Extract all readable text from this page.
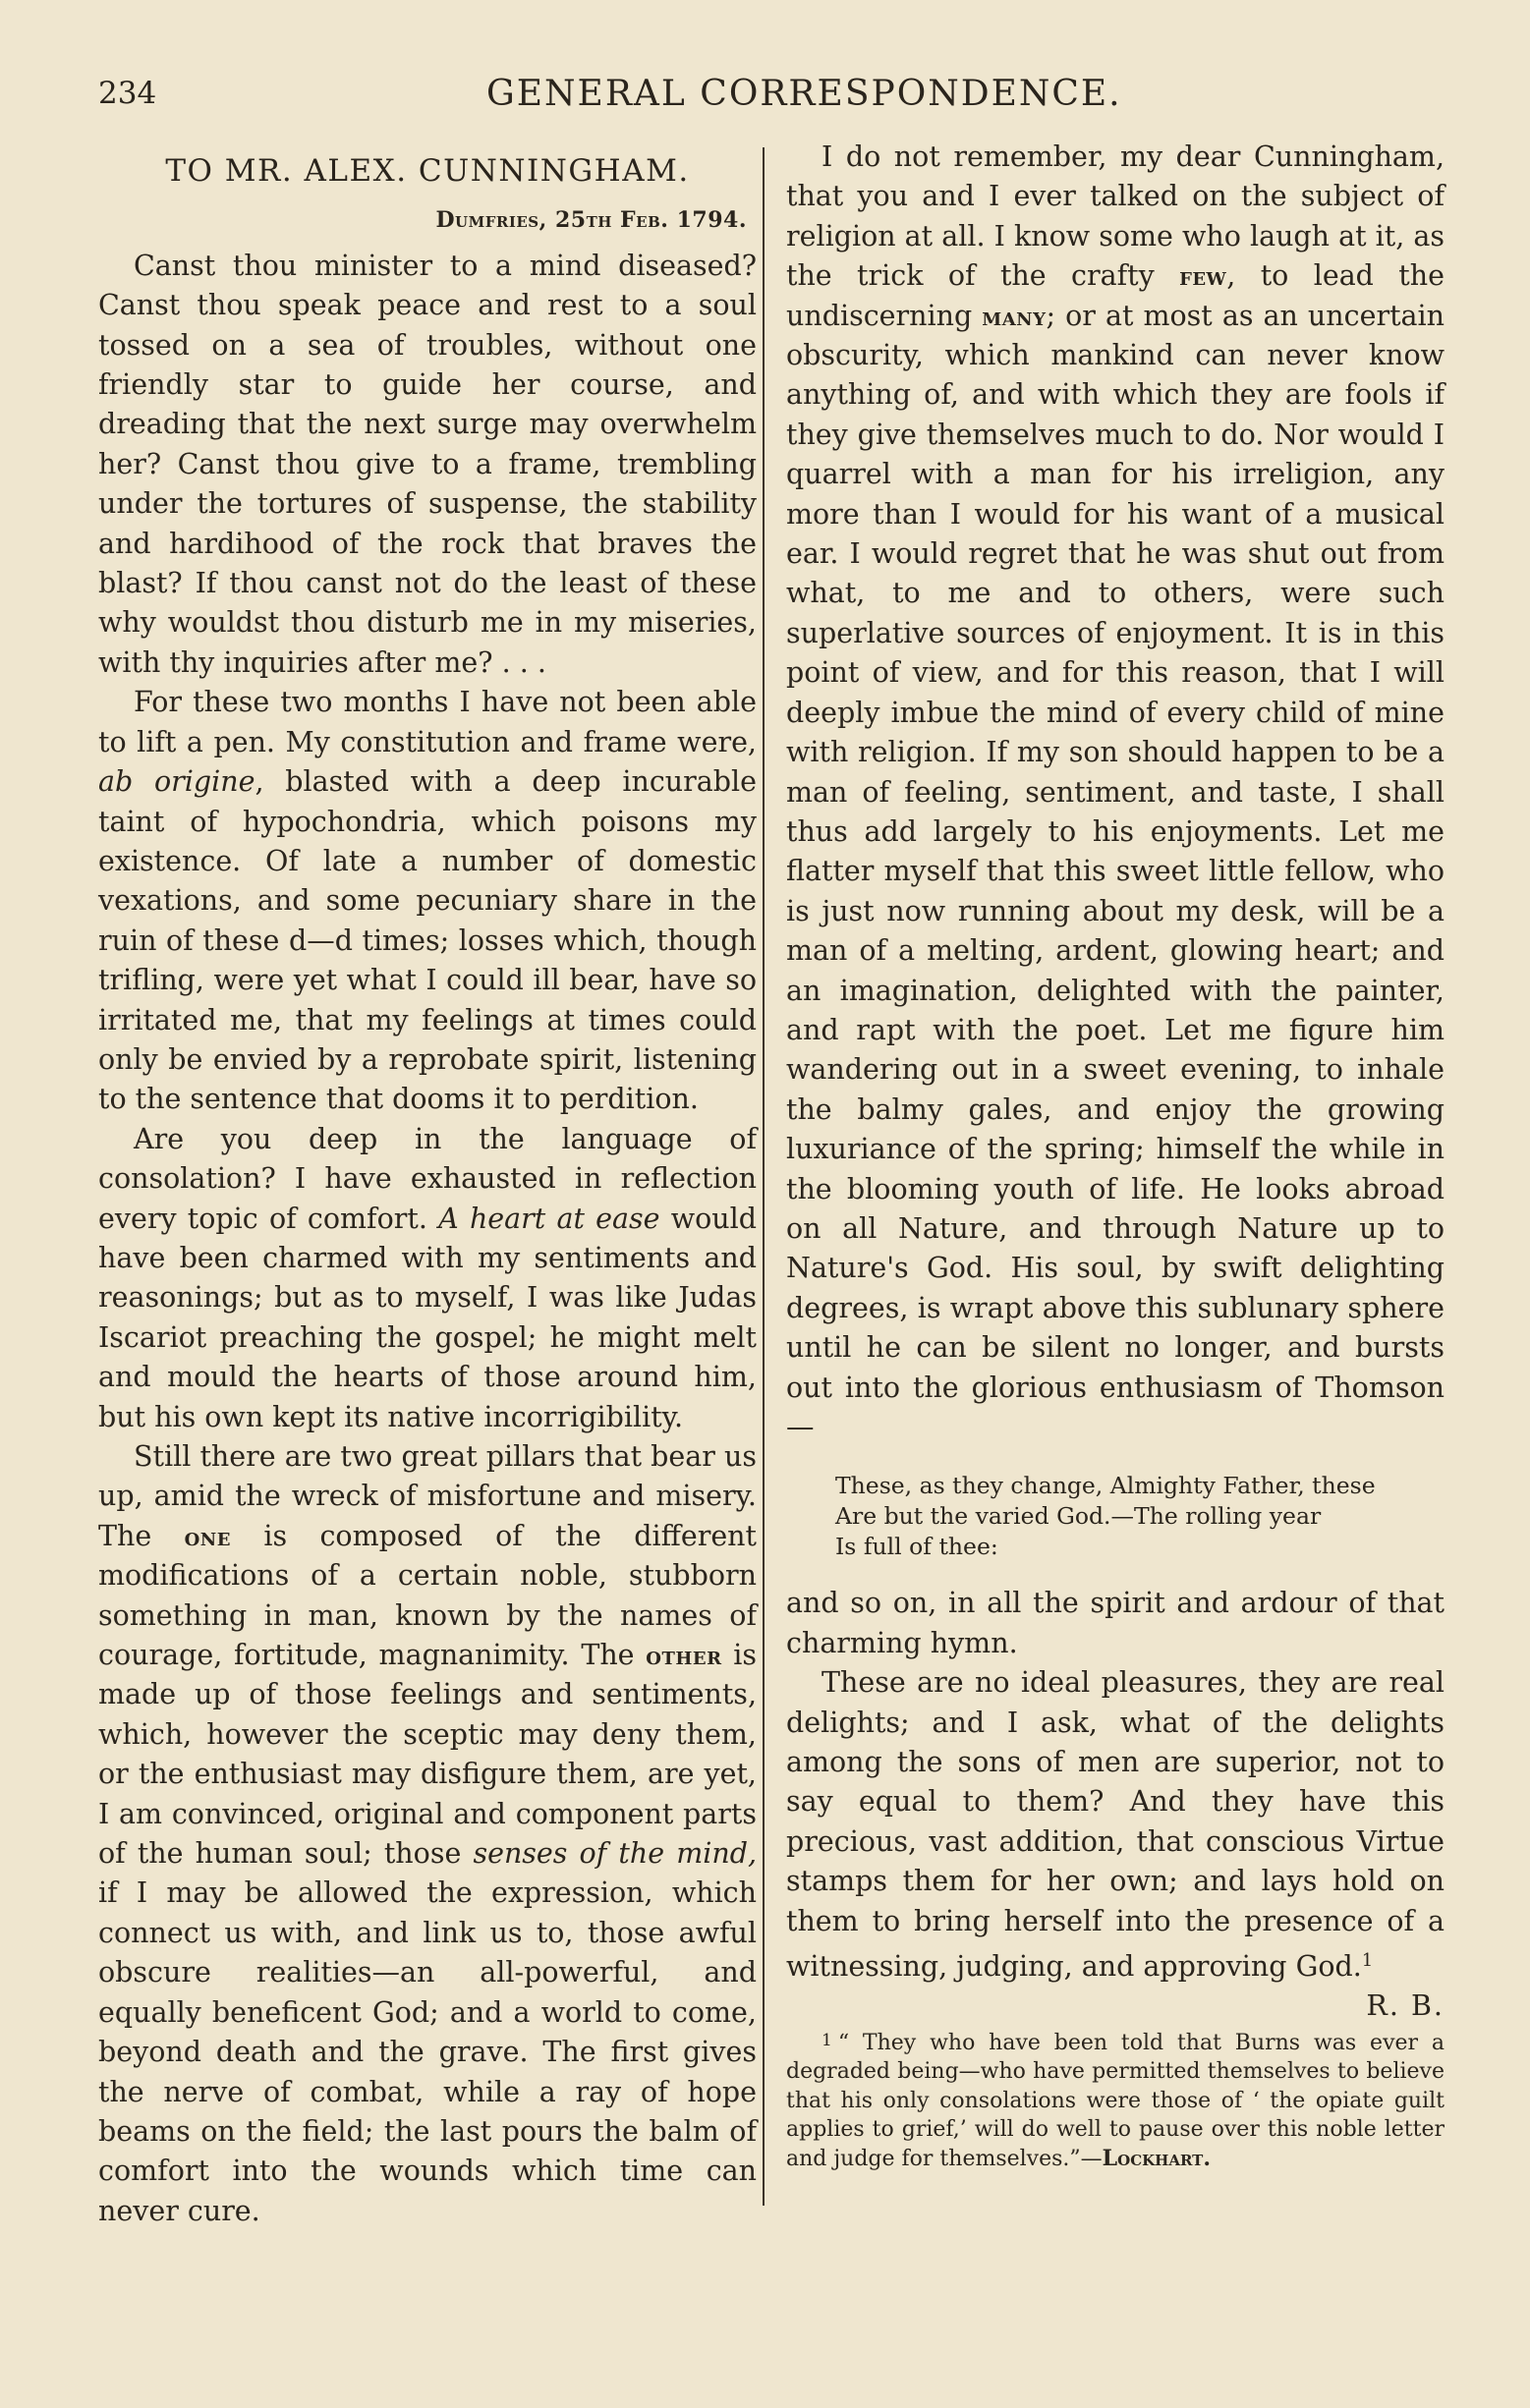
234	GENERAL CORRESPONDENCE.
TO MR. ALEX. CUNNINGHAM.
Dumfries, 25th Feb. 1794.

Canst thou minister to a mind diseased? Canst thou speak peace and rest to a soul tossed on a sea of troubles, without one friendly star to guide her course, and dreading that the next surge may overwhelm her? Canst thou give to a frame, trembling under the tortures of suspense, the stability and hardihood of the rock that braves the blast? If thou canst not do the least of these why wouldst thou disturb me in my miseries, with thy inquiries after me? . . .

For these two months I have not been able to lift a pen. My constitution and frame were, ab origine, blasted with a deep incurable taint of hypochondria, which poisons my existence. Of late a number of domestic vexations, and some pecuniary share in the ruin of these d—d times; losses which, though trifling, were yet what I could ill bear, have so irritated me, that my feelings at times could only be envied by a reprobate spirit, listening to the sentence that dooms it to perdition.

Are you deep in the language of consolation? I have exhausted in reflection every topic of comfort. A heart at ease would have been charmed with my sentiments and reasonings; but as to myself, I was like Judas Iscariot preaching the gospel; he might melt and mould the hearts of those around him, but his own kept its native incorrigibility.

Still there are two great pillars that bear us up, amid the wreck of misfortune and misery. The one is composed of the different modifications of a certain noble, stubborn something in man, known by the names of courage, fortitude, magnanimity. The other is made up of those feelings and sentiments, which, however the sceptic may deny them, or the enthusiast may disfigure them, are yet, I am convinced, original and component parts of the human soul; those senses of the mind, if I may be allowed the expression, which connect us with, and link us to, those awful obscure realities—an all-powerful, and equally beneficent God; and a world to come, beyond death and the grave. The first gives the nerve of combat, while a ray of hope beams on the field; the last pours the balm of comfort into the wounds which time can never cure.

I do not remember, my dear Cunningham, that you and I ever talked on the subject of religion at all. I know some who laugh at it, as the trick of the crafty few, to lead the undiscerning many; or at most as an uncertain obscurity, which mankind can never know anything of, and with which they are fools if they give themselves much to do. Nor would I quarrel with a man for his irreligion, any more than I would for his want of a musical ear. I would regret that he was shut out from what, to me and to others, were such superlative sources of enjoyment. It is in this point of view, and for this reason, that I will deeply imbue the mind of every child of mine with religion. If my son should happen to be a man of feeling, sentiment, and taste, I shall thus add largely to his enjoyments. Let me flatter myself that this sweet little fellow, who is just now running about my desk, will be a man of a melting, ardent, glowing heart; and an imagination, delighted with the painter, and rapt with the poet. Let me figure him wandering out in a sweet evening, to inhale the balmy gales, and enjoy the growing luxuriance of the spring; himself the while in the blooming youth of life. He looks abroad on all Nature, and through Nature up to Nature's God. His soul, by swift delighting degrees, is wrapt above this sublunary sphere until he can be silent no longer, and bursts out into the glorious enthusiasm of Thomson—

These, as they change, Almighty Father, these
Are but the varied God.—The rolling year
Is full of thee:

and so on, in all the spirit and ardour of that charming hymn.

These are no ideal pleasures, they are real delights; and I ask, what of the delights among the sons of men are superior, not to say equal to them? And they have this precious, vast addition, that conscious Virtue stamps them for her own; and lays hold on them to bring herself into the presence of a witnessing, judging, and approving God.$^1$

R. B.

1 “ They who have been told that Burns was ever a degraded being—who have permitted themselves to believe that his only consolations were those of ‘ the opiate guilt applies to grief,’ will do well to pause over this noble letter and judge for themselves.”—Lockhart.
